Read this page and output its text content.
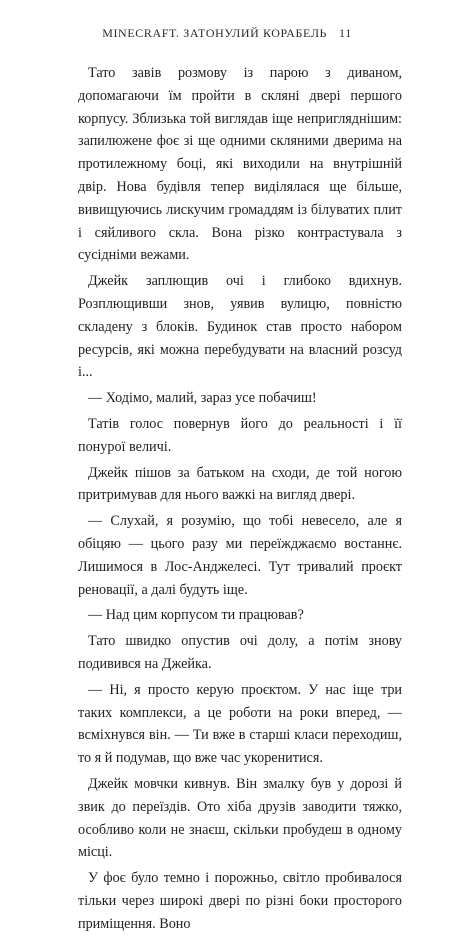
MINECRAFT. ЗАТОНУЛИЙ КОРАБЕЛЬ 11

Тато завів розмову із парою з диваном, допомагаючи їм пройти в скляні двері першого корпусу. Зблизька той виглядав іще непригляднішим: запилюжене фоє зі ще одними скляними дверима на протилежному боці, які виходили на внутрішній двір. Нова будівля тепер виділялася ще більше, вивищуючись лискучим громаддям із білуватих плит і сяйливого скла. Вона різко контрастувала з сусідніми вежами.

Джейк заплющив очі і глибоко вдихнув. Розплющивши знов, уявив вулицю, повністю складену з блоків. Будинок став просто набором ресурсів, які можна перебудувати на власний розсуд і...

— Ходімо, малий, зараз усе побачиш!

Татів голос повернув його до реальності і її понурої величі.

Джейк пішов за батьком на сходи, де той ногою притримував для нього важкі на вигляд двері.

— Слухай, я розумію, що тобі невесело, але я обіцяю — цього разу ми переїжджаємо востаннє. Лишимося в Лос-Анджелесі. Тут тривалий проєкт реновації, а далі будуть іще.

— Над цим корпусом ти працював?

Тато швидко опустив очі долу, а потім знову подивився на Джейка.

— Ні, я просто керую проєктом. У нас іще три таких комплекси, а це роботи на роки вперед, — всміхнувся він. — Ти вже в старші класи переходиш, то я й подумав, що вже час укоренитися.

Джейк мовчки кивнув. Він змалку був у дорозі й звик до переїздів. Ото хіба друзів заводити тяжко, особливо коли не знаєш, скільки пробудеш в одному місці.

У фоє було темно і порожньо, світло пробивалося тільки через широкі двері по різні боки просторого приміщення. Воно
